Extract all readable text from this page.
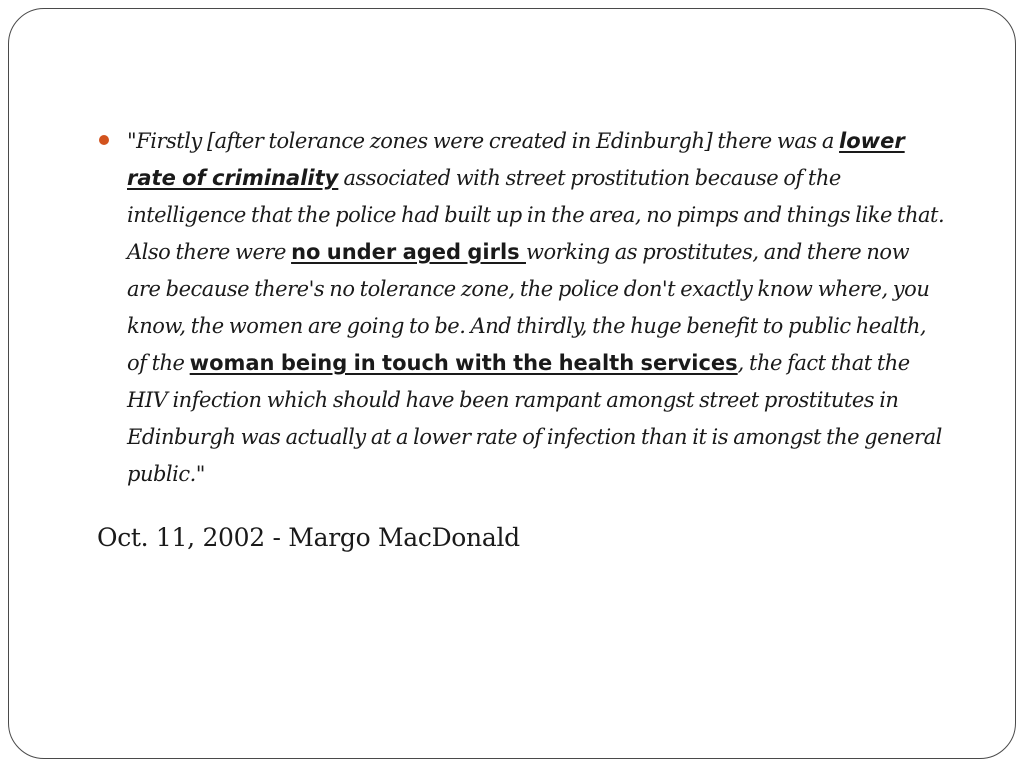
"Firstly [after tolerance zones were created in Edinburgh] there was a lower rate of criminality associated with street prostitution because of the intelligence that the police had built up in the area, no pimps and things like that. Also there were no under aged girls working as prostitutes, and there now are because there's no tolerance zone, the police don't exactly know where, you know, the women are going to be. And thirdly, the huge benefit to public health, of the woman being in touch with the health services, the fact that the HIV infection which should have been rampant amongst street prostitutes in Edinburgh was actually at a lower rate of infection than it is amongst the general public."
Oct. 11, 2002 - Margo MacDonald
